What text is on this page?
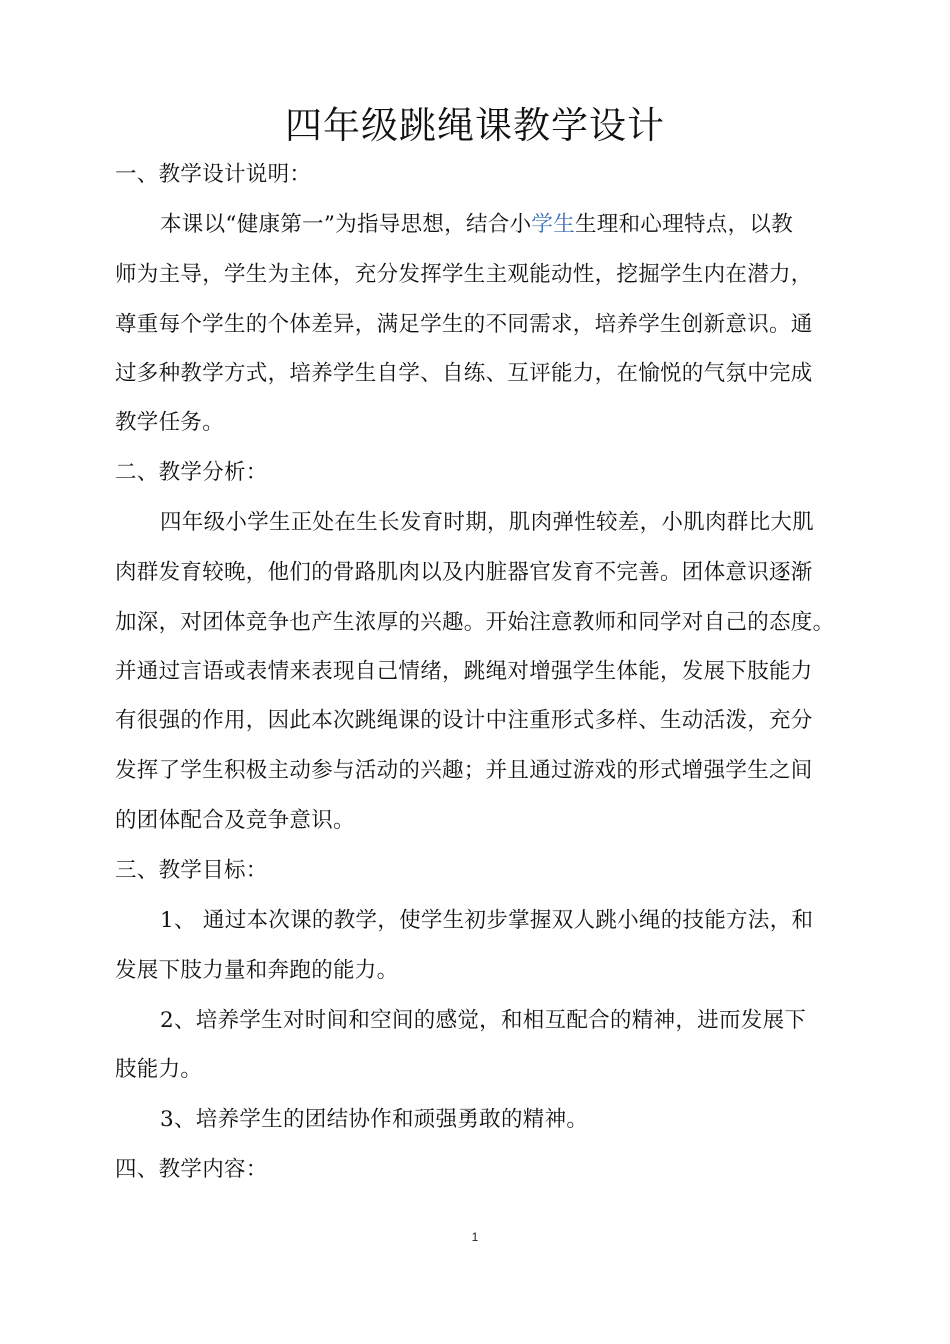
四年级跳绳课教学设计
一、教学设计说明：
本课以“健康第一”为指导思想，结合小学生生理和心理特点，以教
师为主导，学生为主体，充分发挥学生主观能动性，挖掘学生内在潜力，
尊重每个学生的个体差异，满足学生的不同需求，培养学生创新意识。通
过多种教学方式，培养学生自学、自练、互评能力，在愉悦的气氛中完成
教学任务。
二、教学分析：
四年级小学生正处在生长发育时期，肌肉弹性较差，小肌肉群比大肌
肉群发育较晚，他们的骨路肌肉以及内脏器官发育不完善。团体意识逐渐
加深，对团体竞争也产生浓厚的兴趣。开始注意教师和同学对自己的态度。
并通过言语或表情来表现自己情绪，跳绳对增强学生体能，发展下肢能力
有很强的作用，因此本次跳绳课的设计中注重形式多样、生动活泼，充分
发挥了学生积极主动参与活动的兴趣；并且通过游戏的形式增强学生之间
的团体配合及竞争意识。
三、教学目标：
1、 通过本次课的教学，使学生初步掌握双人跳小绳的技能方法，和
发展下肢力量和奔跑的能力。
2、培养学生对时间和空间的感觉，和相互配合的精神，进而发展下
肢能力。
3、培养学生的团结协作和顽强勇敢的精神。
四、教学内容：
1
